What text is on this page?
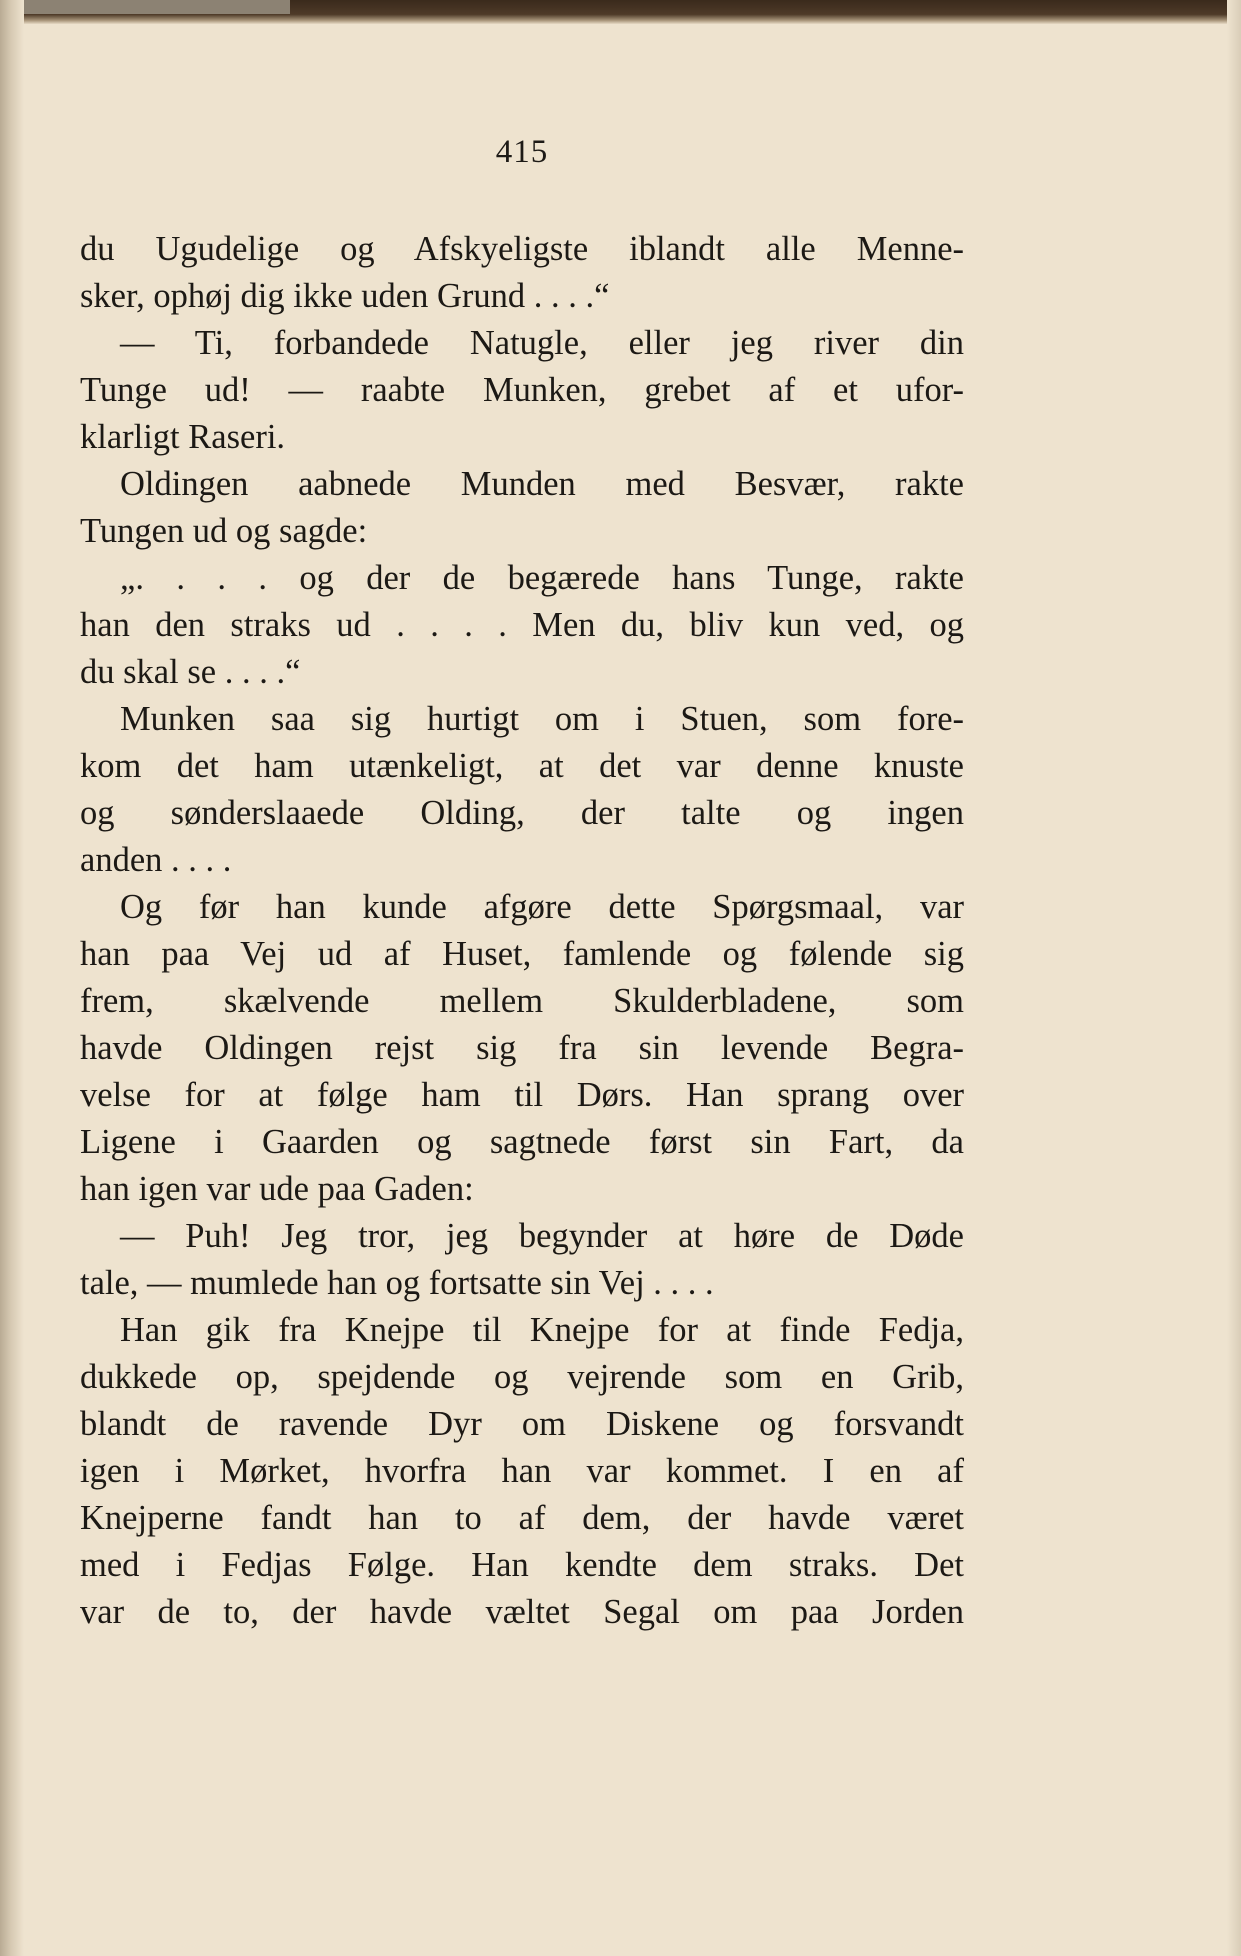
415
du Ugudelige og Afskyeligste iblandt alle Menne-
sker, ophøj dig ikke uden Grund . . . .“
— Ti, forbandede Natugle, eller jeg river din
Tunge ud! — raabte Munken, grebet af et ufor-
klarligt Raseri.
Oldingen aabnede Munden med Besvær, rakte
Tungen ud og sagde:
„. . . . og der de begærede hans Tunge, rakte
han den straks ud . . . . Men du, bliv kun ved, og
du skal se . . . .“
Munken saa sig hurtigt om i Stuen, som fore-
kom det ham utænkeligt, at det var denne knuste
og sønderslaaede Olding, der talte og ingen
anden . . . .
Og før han kunde afgøre dette Spørgsmaal, var
han paa Vej ud af Huset, famlende og følende sig
frem, skælvende mellem Skulderbladene, som
havde Oldingen rejst sig fra sin levende Begra-
velse for at følge ham til Dørs. Han sprang over
Ligene i Gaarden og sagtnede først sin Fart, da
han igen var ude paa Gaden:
— Puh! Jeg tror, jeg begynder at høre de Døde
tale, — mumlede han og fortsatte sin Vej . . . .
Han gik fra Knejpe til Knejpe for at finde Fedja,
dukkede op, spejdende og vejrende som en Grib,
blandt de ravende Dyr om Diskene og forsvandt
igen i Mørket, hvorfra han var kommet. I en af
Knejperne fandt han to af dem, der havde været
med i Fedjas Følge. Han kendte dem straks. Det
var de to, der havde væltet Segal om paa Jorden
